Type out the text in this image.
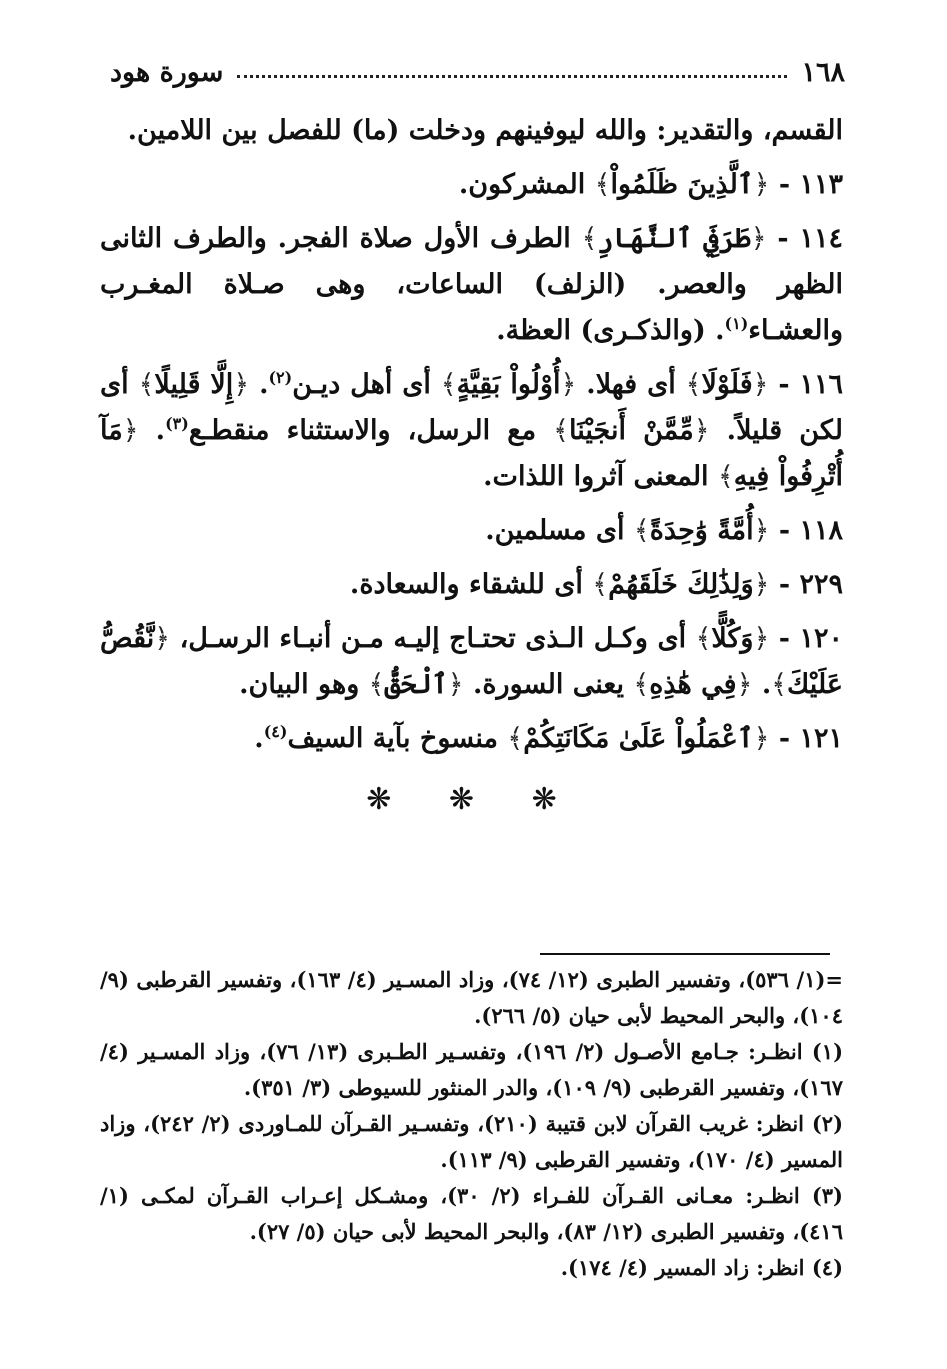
١٦٨
سورة هود

القسم، والتقدير: والله ليوفينهم ودخلت (ما) للفصل بين اللامين.

١١٣ - ﴿ٱلَّذِينَ ظَلَمُواْ﴾ المشركون.

١١٤ - ﴿طَرَفَيِ ٱلنَّهَارِ﴾ الطرف الأول صلاة الفجر. والطرف الثانى الظهر والعصر. (الزلف) الساعات، وهى صـلاة المغـرب والعشـاء$^{(١)}$. (والذكـرى) العظة.

١١٦ - ﴿فَلَوْلَا﴾ أى فهلا. ﴿أُوْلُواْ بَقِيَّةٍ﴾ أى أهل ديـن$^{(٢)}$. ﴿إِلَّا قَلِيلًا﴾ أى لكن قليلاً. ﴿مِّمَّنْ أَنجَيْنَا﴾ مع الرسل، والاستثناء منقطـع$^{(٣)}$. ﴿مَآ أُتْرِفُواْ فِيهِ﴾ المعنى آثروا اللذات.

١١٨ - ﴿أُمَّةً وَٰحِدَةً﴾ أى مسلمين.

٢٢٩ - ﴿وَلِذَٰلِكَ خَلَقَهُمْ﴾ أى للشقاء والسعادة.

١٢٠ - ﴿وَكُلًّا﴾ أى وكـل الـذى تحتـاج إليـه مـن أنبـاء الرسـل، ﴿نَّقُصُّ عَلَيْكَ﴾. ﴿فِي هَٰذِهِ﴾ يعنى السورة. ﴿ٱلْحَقُّ﴾ وهو البيان.

١٢١ - ﴿ٱعْمَلُواْ عَلَىٰ مَكَانَتِكُمْ﴾ منسوخ بآية السيف$^{(٤)}$.

❋ ❋ ❋

=(١/ ٥٣٦)، وتفسير الطبرى (١٢/ ٧٤)، وزاد المسـير (٤/ ١٦٣)، وتفسير القرطبى (٩/ ١٠٤)، والبحر المحيط لأبى حيان (٥/ ٢٦٦).

(١) انظـر: جـامع الأصـول (٢/ ١٩٦)، وتفسـير الطـبرى (١٣/ ٧٦)، وزاد المسـير (٤/ ١٦٧)، وتفسير القرطبى (٩/ ١٠٩)، والدر المنثور للسيوطى (٣/ ٣٥١).

(٢) انظر: غريب القرآن لابن قتيبة (٢١٠)، وتفسـير القـرآن للمـاوردى (٢/ ٢٤٢)، وزاد المسير (٤/ ١٧٠)، وتفسير القرطبى (٩/ ١١٣).

(٣) انظـر: معـانى القـرآن للفـراء (٢/ ٣٠)، ومشـكل إعـراب القـرآن لمكـى (١/ ٤١٦)، وتفسير الطبرى (١٢/ ٨٣)، والبحر المحيط لأبى حيان (٥/ ٢٧).

(٤) انظر: زاد المسير (٤/ ١٧٤).
